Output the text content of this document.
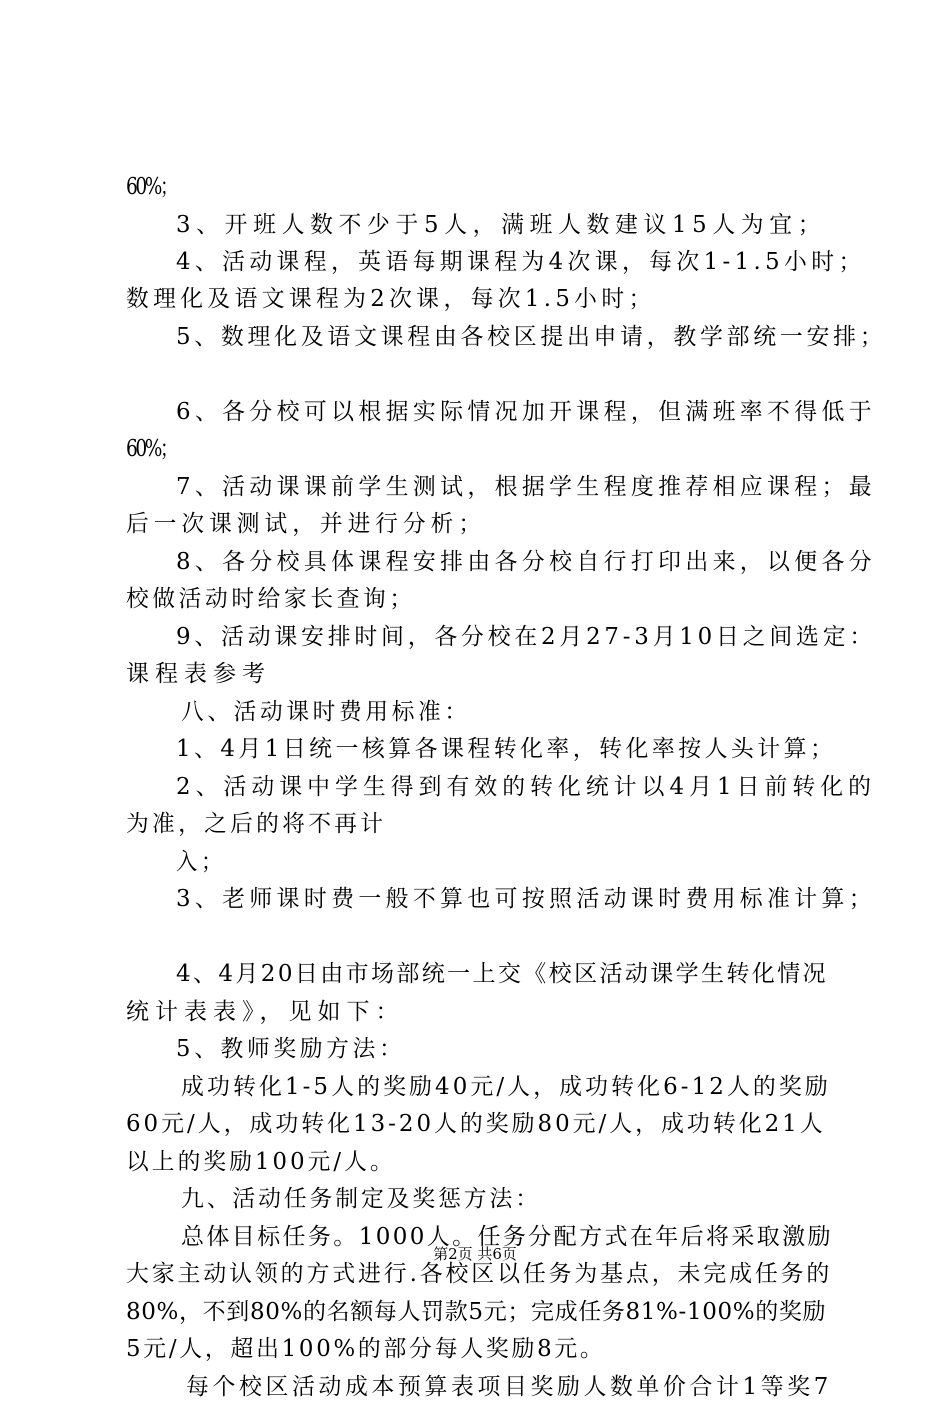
60%；
3、开班人数不少于5人，满班人数建议15人为宜；
4、活动课程，英语每期课程为4次课，每次1-1.5小时；
数理化及语文课程为2次课，每次1.5小时；
5、数理化及语文课程由各校区提出申请，教学部统一安排；
6、各分校可以根据实际情况加开课程，但满班率不得低于
60%；
7、活动课课前学生测试，根据学生程度推荐相应课程；最
后一次课测试，并进行分析；
8、各分校具体课程安排由各分校自行打印出来，以便各分
校做活动时给家长查询；
9、活动课安排时间，各分校在2月27-3月10日之间选定：
课程表参考
八、活动课时费用标准：
1、4月1日统一核算各课程转化率，转化率按人头计算；
2、活动课中学生得到有效的转化统计以4月1日前转化的
为准，之后的将不再计
入；
3、老师课时费一般不算也可按照活动课时费用标准计算；
4、4月20日由市场部统一上交《校区活动课学生转化情况
统计表表》，见如下：
5、教师奖励方法：
成功转化1-5人的奖励40元/人，成功转化6-12人的奖励
60元/人，成功转化13-20人的奖励80元/人，成功转化21人
以上的奖励100元/人。
九、活动任务制定及奖惩方法：
总体目标任务。1000人。任务分配方式在年后将采取激励
大家主动认领的方式进行.各校区以任务为基点，未完成任务的
80%，不到80%的名额每人罚款5元；完成任务81%-100%的奖励
5元/人，超出100%的部分每人奖励8元。
每个校区活动成本预算表项目奖励人数单价合计1等奖7
第2页 共6页
